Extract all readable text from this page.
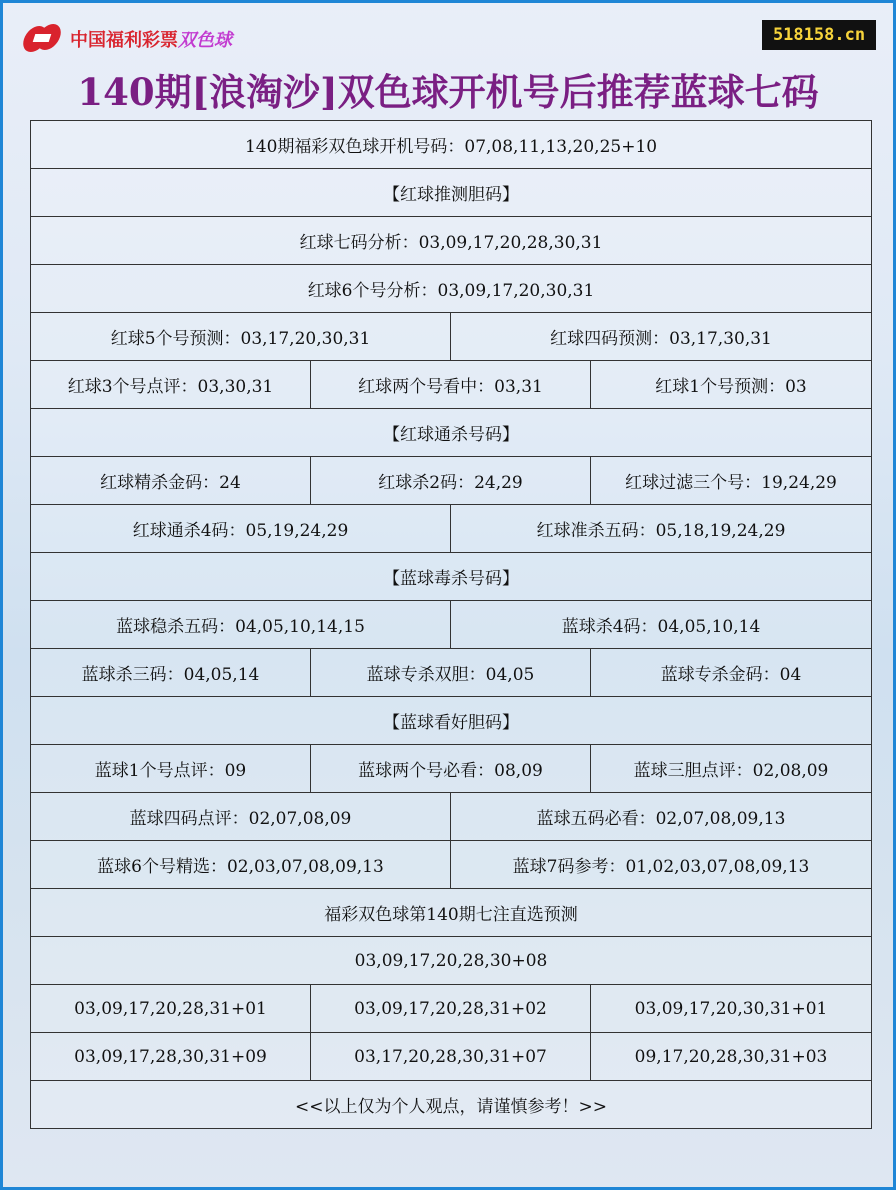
中国福利彩票双色球	518158.cn
140期[浪淘沙]双色球开机号后推荐蓝球七码
140期福彩双色球开机号码：07,08,11,13,20,25+10			
【红球推测胆码】			
红球七码分析：03,09,17,20,28,30,31			
红球6个号分析：03,09,17,20,30,31			
红球5个号预测：03,17,20,30,31		红球四码预测：03,17,30,31	
红球3个号点评：03,30,31	红球两个号看中：03,31		红球1个号预测：03
【红球通杀号码】			
红球精杀金码：24	红球杀2码：24,29		红球过滤三个号：19,24,29
红球通杀4码：05,19,24,29		红球准杀五码：05,18,19,24,29	
【蓝球毒杀号码】			
蓝球稳杀五码：04,05,10,14,15		蓝球杀4码：04,05,10,14	
蓝球杀三码：04,05,14	蓝球专杀双胆：04,05		蓝球专杀金码：04
【蓝球看好胆码】			
蓝球1个号点评：09	蓝球两个号必看：08,09		蓝球三胆点评：02,08,09
蓝球四码点评：02,07,08,09		蓝球五码必看：02,07,08,09,13	
蓝球6个号精选：02,03,07,08,09,13		蓝球7码参考：01,02,03,07,08,09,13	
福彩双色球第140期七注直选预测			
03,09,17,20,28,30+08			
03,09,17,20,28,31+01	03,09,17,20,28,31+02		03,09,17,20,30,31+01
03,09,17,28,30,31+09	03,17,20,28,30,31+07		09,17,20,28,30,31+03
<<以上仅为个人观点，请谨慎参考！>>			
